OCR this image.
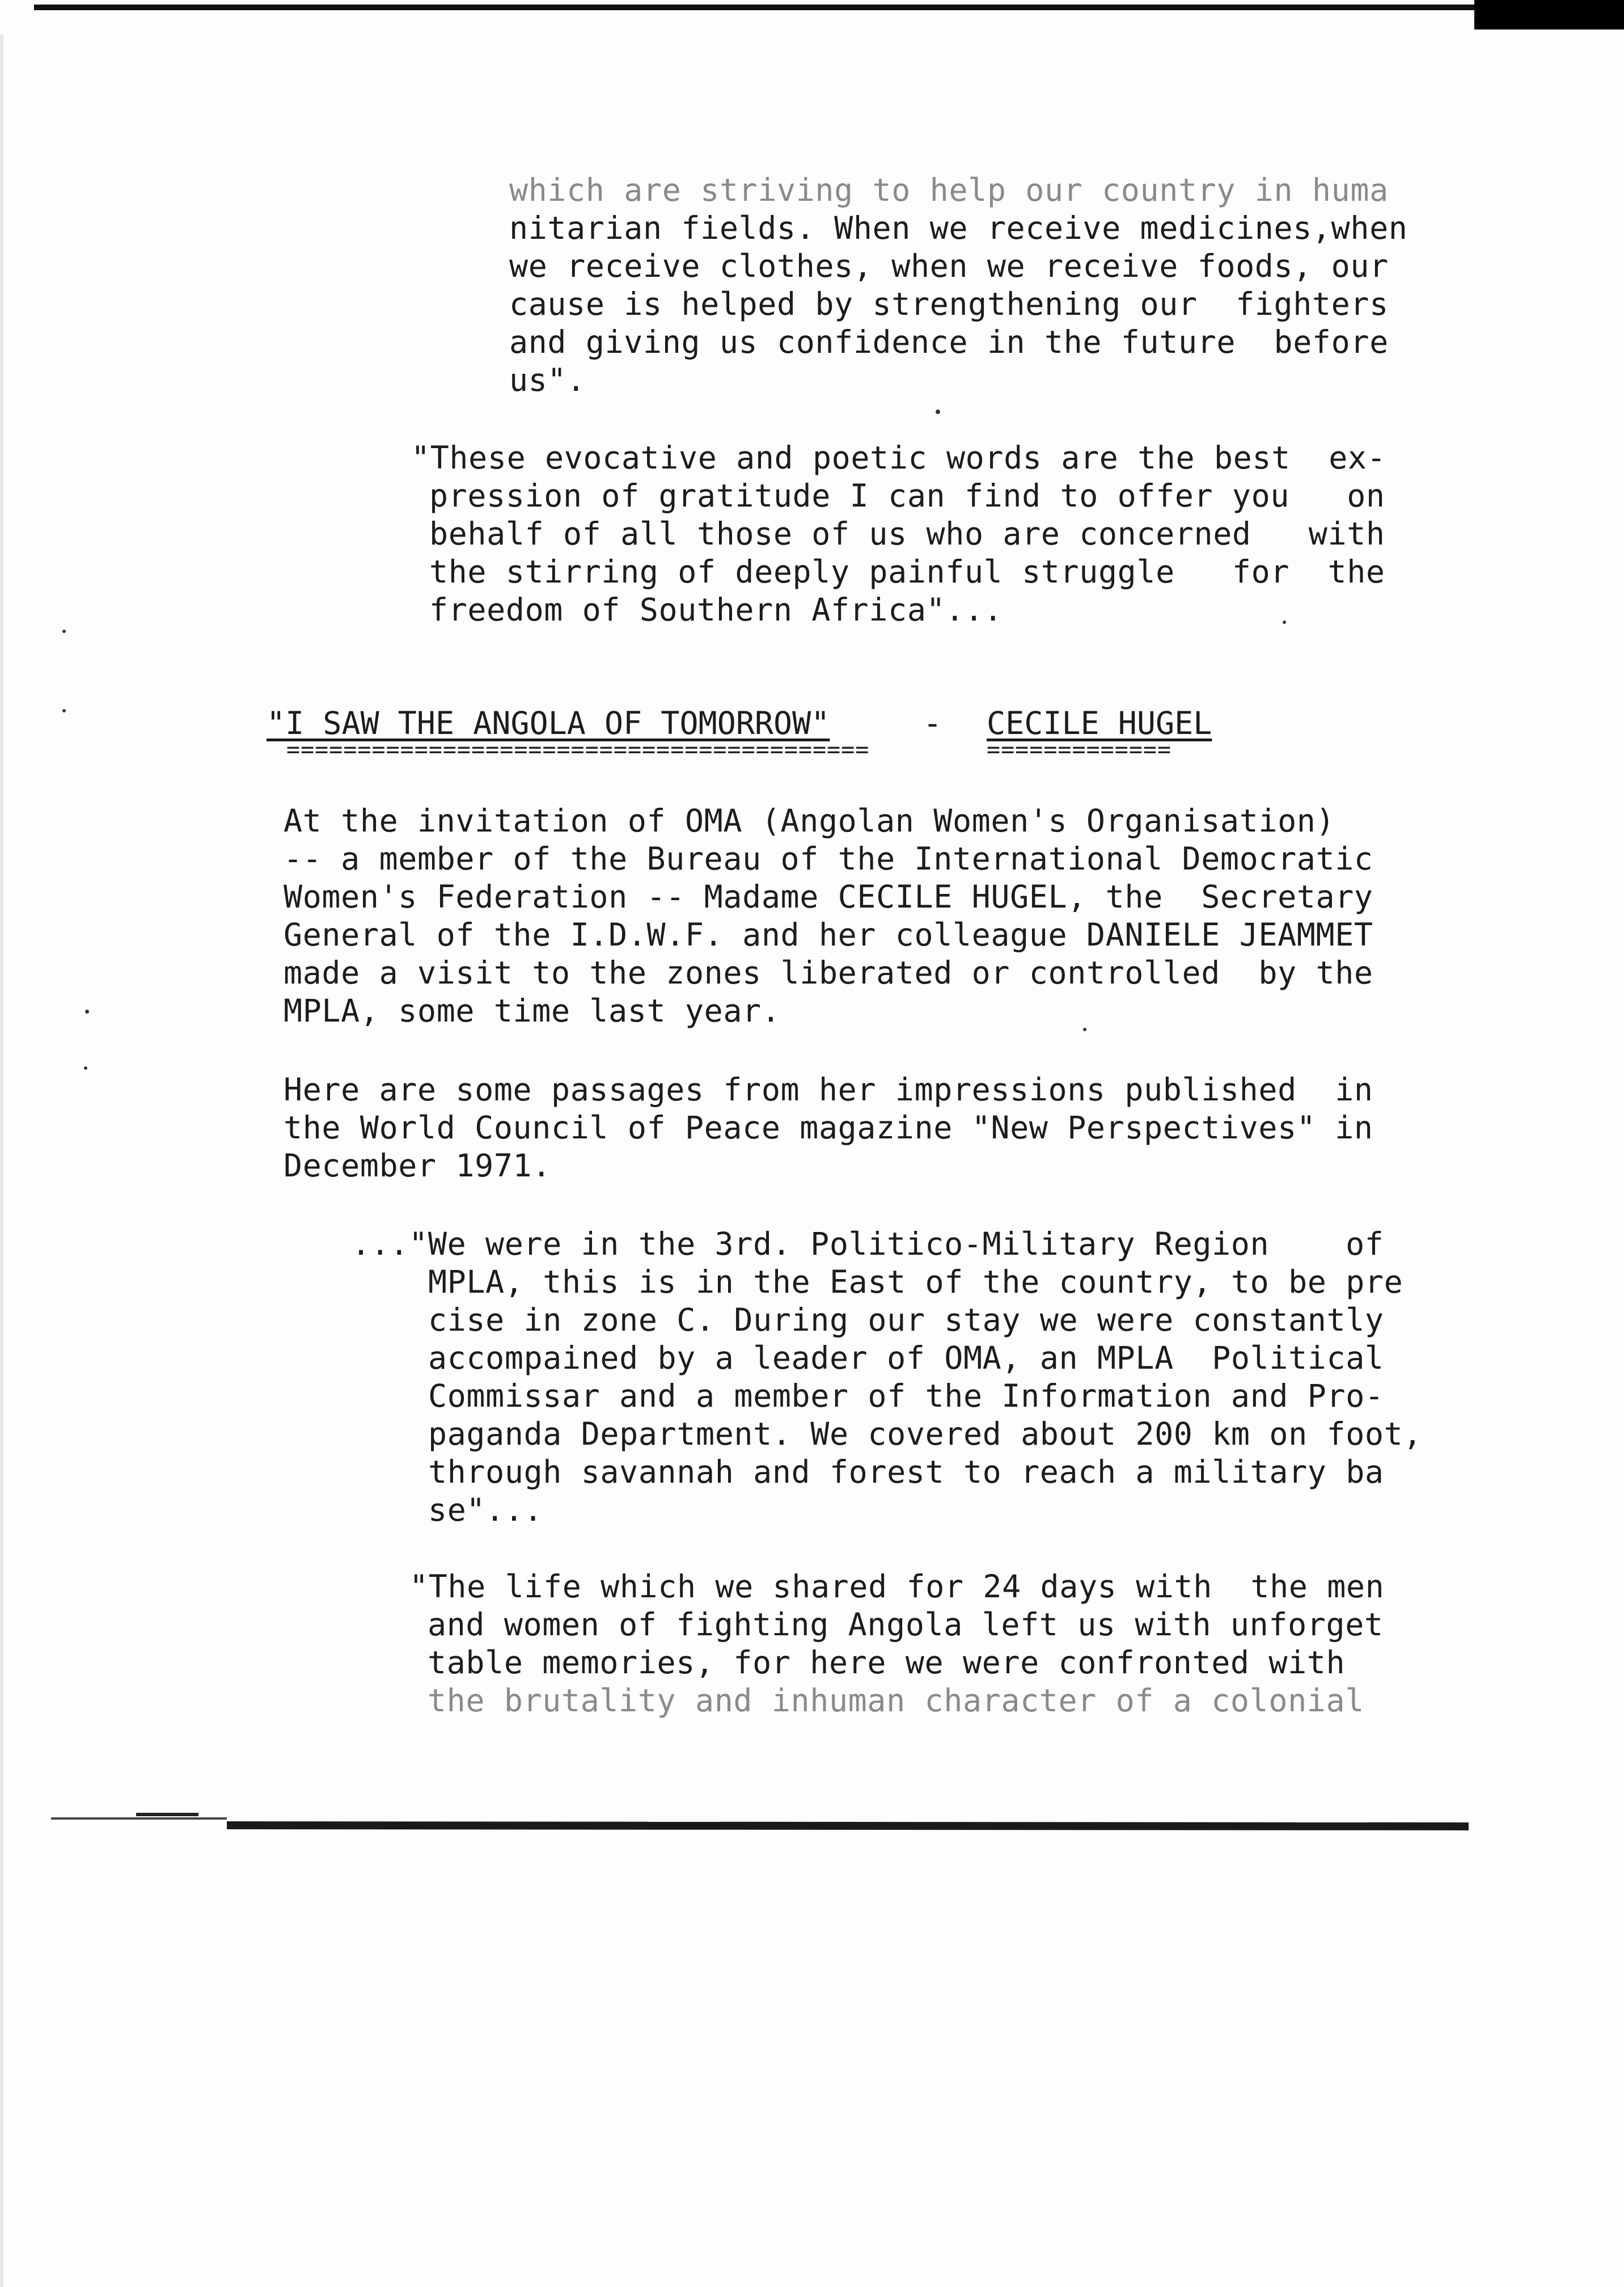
which are striving to help our country in huma
nitarian fields. When we receive medicines,when
we receive clothes, when we receive foods, our
cause is helped by strengthening our  fighters
and giving us confidence in the future  before
us".
"These evocative and poetic words are the best  ex-
pression of gratitude I can find to offer you   on
behalf of all those of us who are concerned   with
the stirring of deeply painful struggle   for  the
freedom of Southern Africa"...
"I SAW THE ANGOLA OF TOMORROW"	- CECILE HUGEL
=========================================	=============
At the invitation of OMA (Angolan Women's Organisation)
-- a member of the Bureau of the International Democratic
Women's Federation -- Madame CECILE HUGEL, the  Secretary
General of the I.D.W.F. and her colleague DANIELE JEAMMET
made a visit to the zones liberated or controlled  by the
MPLA, some time last year.
Here are some passages from her impressions published  in
the World Council of Peace magazine "New Perspectives" in
December 1971.
..."We were in the 3rd. Politico-Military Region    of
MPLA, this is in the East of the country, to be pre
cise in zone C. During our stay we were constantly
accompained by a leader of OMA, an MPLA  Political
Commissar and a member of the Information and Pro-
paganda Department. We covered about 200 km on foot,
through savannah and forest to reach a military ba
se"...
"The life which we shared for 24 days with  the men
and women of fighting Angola left us with unforget
table memories, for here we were confronted with
the brutality and inhuman character of a colonial
